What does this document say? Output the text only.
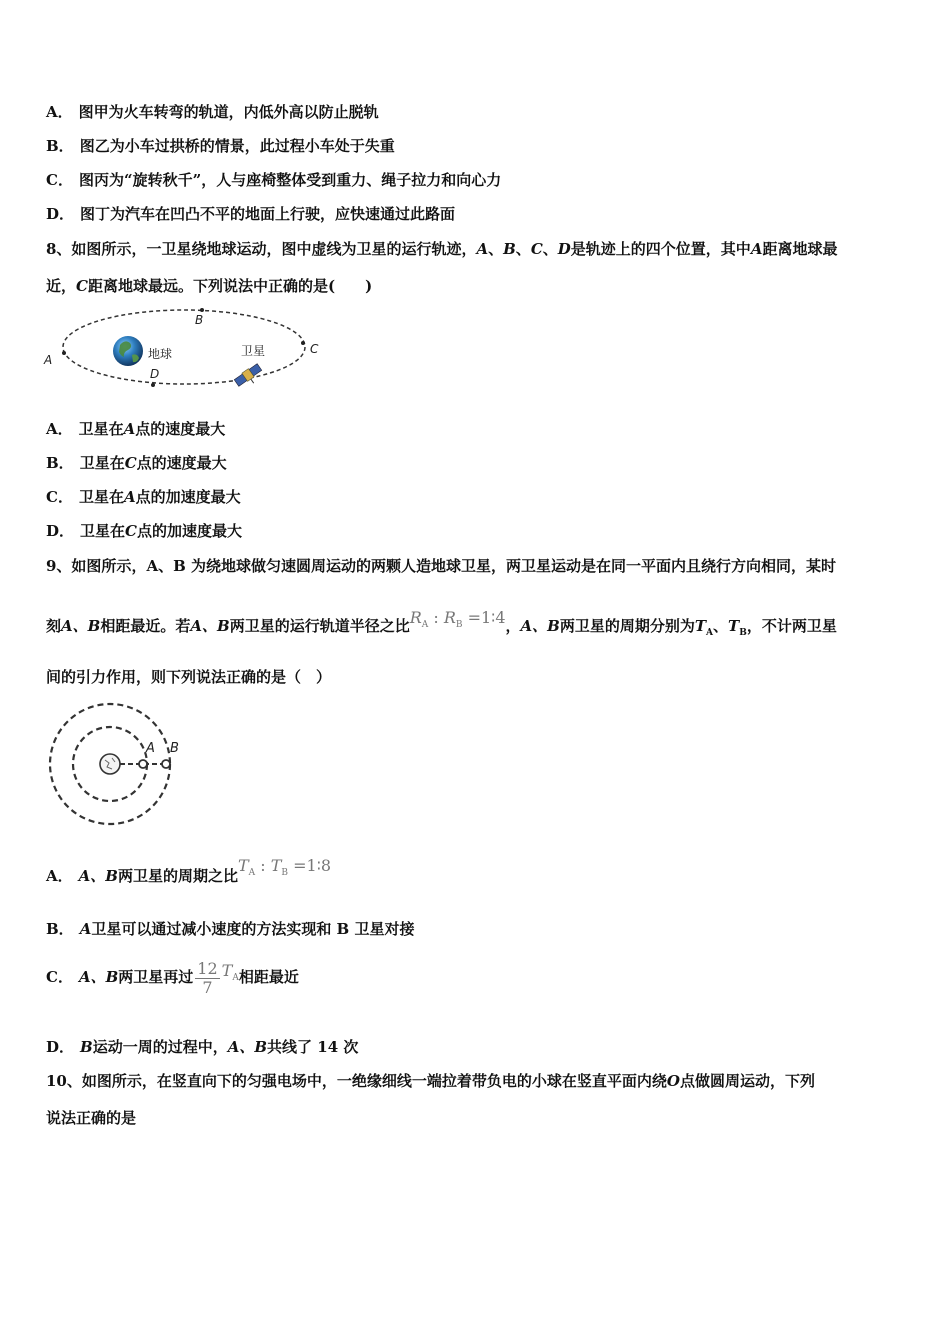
A． 图甲为火车转弯的轨道，内低外高以防止脱轨
B． 图乙为小车过拱桥的情景，此过程小车处于失重
C． 图丙为“旋转秋千”，人与座椅整体受到重力、绳子拉力和向心力
D． 图丁为汽车在凹凸不平的地面上行驶，应快速通过此路面
8、如图所示，一卫星绕地球运动，图中虚线为卫星的运行轨迹，A、B、C、D是轨迹上的四个位置，其中A距离地球最
近，C距离地球最远。下列说法中正确的是(　　)
A
B
C
D
地球	卫星
A． 卫星在A点的速度最大
B． 卫星在C点的速度最大
C． 卫星在A点的加速度最大
D． 卫星在C点的加速度最大
9、如图所示，A、B 为绕地球做匀速圆周运动的两颗人造地球卫星，两卫星运动是在同一平面内且绕行方向相同，某时
刻A、B相距最近。若A、B两卫星的运行轨道半径之比$R_A$ : $R_B$ =1∶4，A、B两卫星的周期分别为$T_A$、$T_B$，不计两卫星
间的引力作用，则下列说法正确的是（　）
A B
A． A、B两卫星的周期之比$T_A$ : $T_B$ =1∶8
B． A卫星可以通过减小速度的方法实现和 B 卫星对接
C． A、B两卫星再过 $\frac{12}{7} T_A$相距最近
D． B运动一周的过程中，A、B共线了 14 次
10、如图所示，在竖直向下的匀强电场中，一绝缘细线一端拉着带负电的小球在竖直平面内绕O点做圆周运动，下列
说法正确的是
